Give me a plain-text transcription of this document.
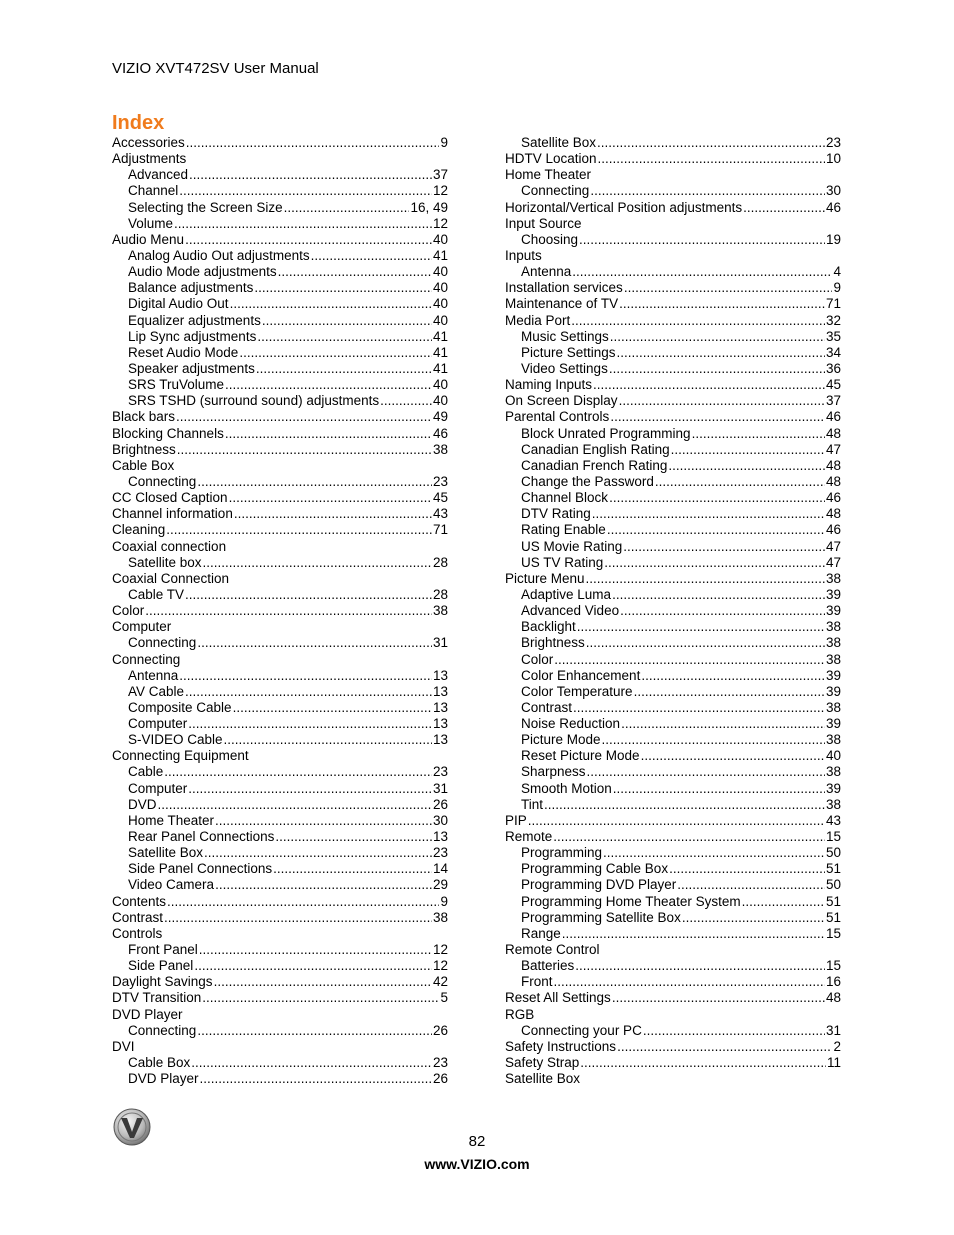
VIZIO XVT472SV User Manual
Index
Accessories .....	9
Adjustments
Advanced .....	37
Channel .....	12
Selecting the Screen Size .....	16, 49
Volume .....	12
Audio Menu .....	40
Analog Audio Out adjustments .....	41
Audio Mode adjustments .....	40
Balance adjustments .....	40
Digital Audio Out .....	40
Equalizer adjustments .....	40
Lip Sync adjustments .....	41
Reset Audio Mode .....	41
Speaker adjustments .....	41
SRS TruVolume .....	40
SRS TSHD (surround sound) adjustments .....	40
Black bars .....	49
Blocking Channels .....	46
Brightness .....	38
Cable Box
Connecting .....	23
CC Closed Caption .....	45
Channel information .....	43
Cleaning .....	71
Coaxial connection
Satellite box .....	28
Coaxial Connection
Cable TV .....	28
Color .....	38
Computer
Connecting .....	31
Connecting
Antenna .....	13
AV Cable .....	13
Composite Cable .....	13
Computer .....	13
S-VIDEO Cable .....	13
Connecting Equipment
Cable .....	23
Computer .....	31
DVD .....	26
Home Theater .....	30
Rear Panel Connections .....	13
Satellite Box .....	23
Side Panel Connections .....	14
Video Camera .....	29
Contents .....	9
Contrast .....	38
Controls
Front Panel .....	12
Side Panel .....	12
Daylight Savings .....	42
DTV Transition .....	5
DVD Player
Connecting .....	26
DVI
Cable Box .....	23
DVD Player .....	26
Satellite Box .....	23
HDTV Location .....	10
Home Theater
Connecting .....	30
Horizontal/Vertical Position adjustments .....	46
Input Source
Choosing .....	19
Inputs
Antenna .....	4
Installation services .....	9
Maintenance of TV .....	71
Media Port .....	32
Music Settings .....	35
Picture Settings .....	34
Video Settings .....	36
Naming Inputs .....	45
On Screen Display .....	37
Parental Controls .....	46
Block Unrated Programming .....	48
Canadian English Rating .....	47
Canadian French Rating .....	48
Change the Password .....	48
Channel Block .....	46
DTV Rating .....	48
Rating Enable .....	46
US Movie Rating .....	47
US TV Rating .....	47
Picture Menu .....	38
Adaptive Luma .....	39
Advanced Video .....	39
Backlight .....	38
Brightness .....	38
Color .....	38
Color Enhancement .....	39
Color Temperature .....	39
Contrast .....	38
Noise Reduction .....	39
Picture Mode .....	38
Reset Picture Mode .....	40
Sharpness .....	38
Smooth Motion .....	39
Tint .....	38
PIP .....	43
Remote .....	15
Programming .....	50
Programming Cable Box .....	51
Programming DVD Player .....	50
Programming Home Theater System .....	51
Programming Satellite Box .....	51
Range .....	15
Remote Control
Batteries .....	15
Front .....	16
Reset All Settings .....	48
RGB
Connecting your PC .....	31
Safety Instructions .....	2
Safety Strap .....	11
Satellite Box
82
www.VIZIO.com
